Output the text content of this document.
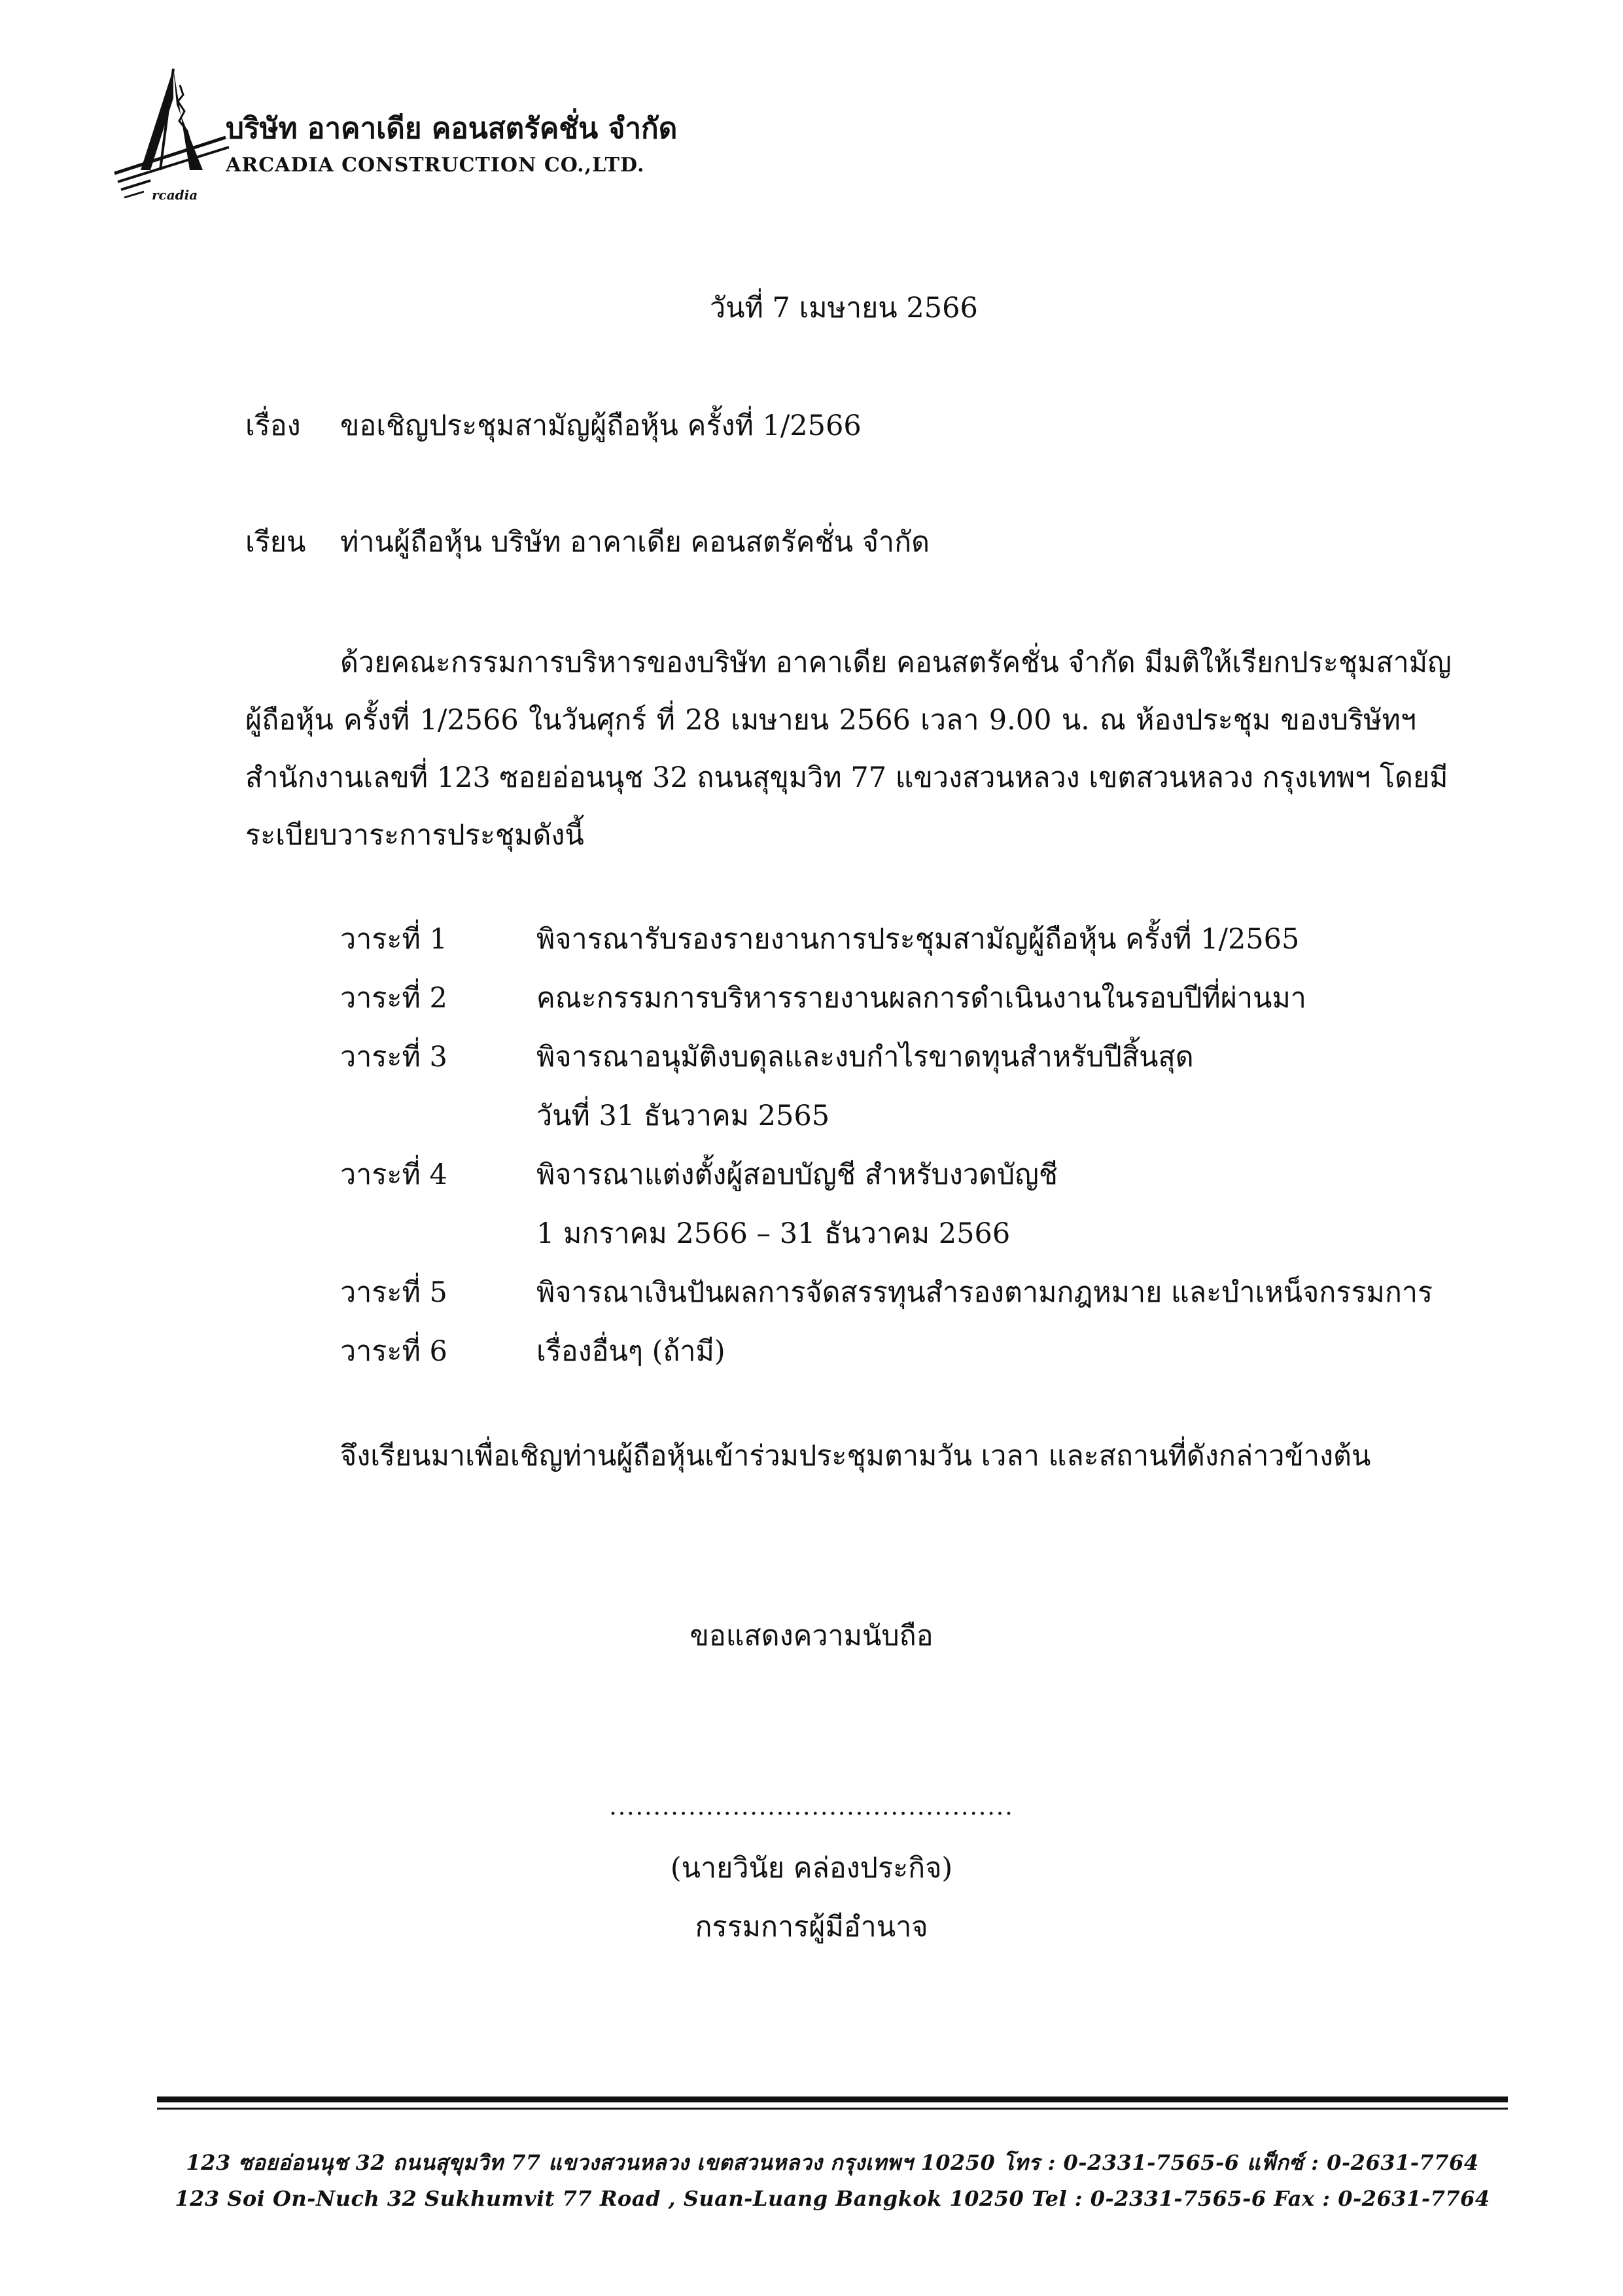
rcadia
บริษัท อาคาเดีย คอนสตรัคชั่น จำกัด
ARCADIA CONSTRUCTION CO.,LTD.
วันที่ 7 เมษายน 2566
เรื่อง ขอเชิญประชุมสามัญผู้ถือหุ้น ครั้งที่ 1/2566
เรียน ท่านผู้ถือหุ้น บริษัท อาคาเดีย คอนสตรัคชั่น จำกัด
ด้วยคณะกรรมการบริหารของบริษัท อาคาเดีย คอนสตรัคชั่น จำกัด มีมติให้เรียกประชุมสามัญ
ผู้ถือหุ้น ครั้งที่ 1/2566 ในวันศุกร์ ที่ 28 เมษายน 2566 เวลา 9.00 น. ณ ห้องประชุม ของบริษัทฯ
สำนักงานเลขที่ 123 ซอยอ่อนนุช 32 ถนนสุขุมวิท 77 แขวงสวนหลวง เขตสวนหลวง กรุงเทพฯ โดยมี
ระเบียบวาระการประชุมดังนี้
วาระที่ 1	พิจารณารับรองรายงานการประชุมสามัญผู้ถือหุ้น ครั้งที่ 1/2565
วาระที่ 2	คณะกรรมการบริหารรายงานผลการดำเนินงานในรอบปีที่ผ่านมา
วาระที่ 3	พิจารณาอนุมัติงบดุลและงบกำไรขาดทุนสำหรับปีสิ้นสุด
วันที่ 31 ธันวาคม 2565
วาระที่ 4	พิจารณาแต่งตั้งผู้สอบบัญชี สำหรับงวดบัญชี
1 มกราคม 2566 – 31 ธันวาคม 2566
วาระที่ 5	พิจารณาเงินปันผลการจัดสรรทุนสำรองตามกฎหมาย และบำเหน็จกรรมการ
วาระที่ 6	เรื่องอื่นๆ (ถ้ามี)
จึงเรียนมาเพื่อเชิญท่านผู้ถือหุ้นเข้าร่วมประชุมตามวัน เวลา และสถานที่ดังกล่าวข้างต้น
ขอแสดงความนับถือ
..............................................
(นายวินัย คล่องประกิจ)
กรรมการผู้มีอำนาจ
123 ซอยอ่อนนุช 32 ถนนสุขุมวิท 77 แขวงสวนหลวง เขตสวนหลวง กรุงเทพฯ 10250 โทร : 0-2331-7565-6 แฟ็กซ์ : 0-2631-7764
123 Soi On-Nuch 32 Sukhumvit 77 Road , Suan-Luang Bangkok 10250 Tel : 0-2331-7565-6 Fax : 0-2631-7764
